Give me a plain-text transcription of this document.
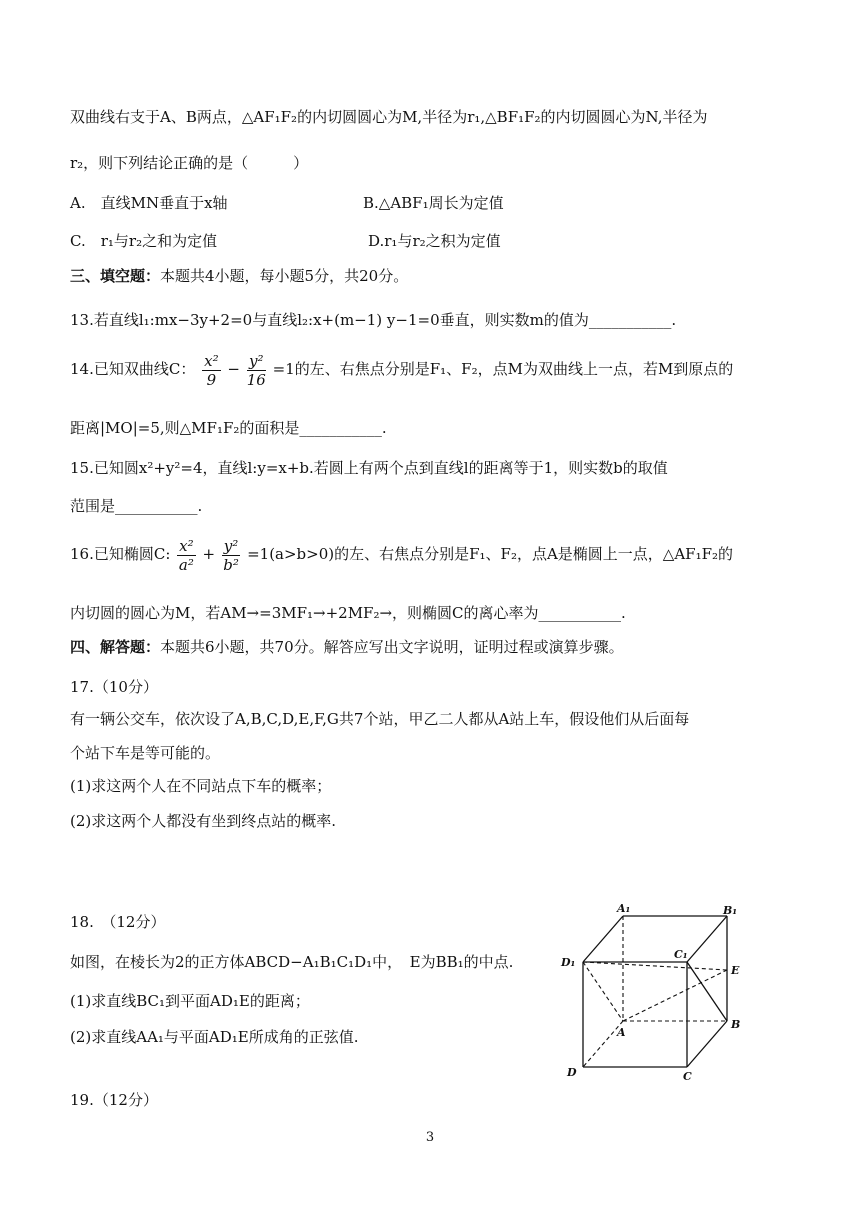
双曲线右支于A、B两点，△AF₁F₂的内切圆圆心为M,半径为r₁,△BF₁F₂的内切圆圆心为N,半径为
r₂，则下列结论正确的是（　　　）
A.　直线MN垂直于x轴	B.△ABF₁周长为定值
C.　r₁与r₂之和为定值	D.r₁与r₂之积为定值
三、填空题：本题共4小题，每小题5分，共20分。
13.若直线l₁:mx−3y+2=0与直线l₂:x+(m−1) y−1=0垂直，则实数m的值为___________.
14.已知双曲线C： $\frac{\text{x²}}{9} - \frac{\text{y²}}{16} =1$的左、右焦点分别是F₁、F₂，点M为双曲线上一点，若M到原点的
距离|MO|=5,则△MF₁F₂的面积是___________.
15.已知圆x²+y²=4，直线l:y=x+b.若圆上有两个点到直线l的距离等于1，则实数b的取值
范围是___________.
16.已知椭圆C: $\frac{\text{x²}}{\text{a²}} + \frac{\text{y²}}{\text{b²}} =1(a>b>0)$的左、右焦点分别是F₁、F₂，点A是椭圆上一点，△AF₁F₂的
内切圆的圆心为M，若AM→=3MF₁→+2MF₂→，则椭圆C的离心率为___________.
四、解答题：本题共6小题，共70分。解答应写出文字说明，证明过程或演算步骤。
17.（10分）
有一辆公交车，依次设了A,B,C,D,E,F,G共7个站，甲乙二人都从A站上车，假设他们从后面每
个站下车是等可能的。
(1)求这两个人在不同站点下车的概率；
(2)求这两个人都没有坐到终点站的概率.
18.　（12分）
如图，在棱长为2的正方体ABCD−A₁B₁C₁D₁中，　E为BB₁的中点.
(1)求直线BC₁到平面AD₁E的距离；
(2)求直线AA₁与平面AD₁E所成角的正弦值.
A₁	B₁
C₁
D₁
E
A
B
C
D
19.（12分）
3
